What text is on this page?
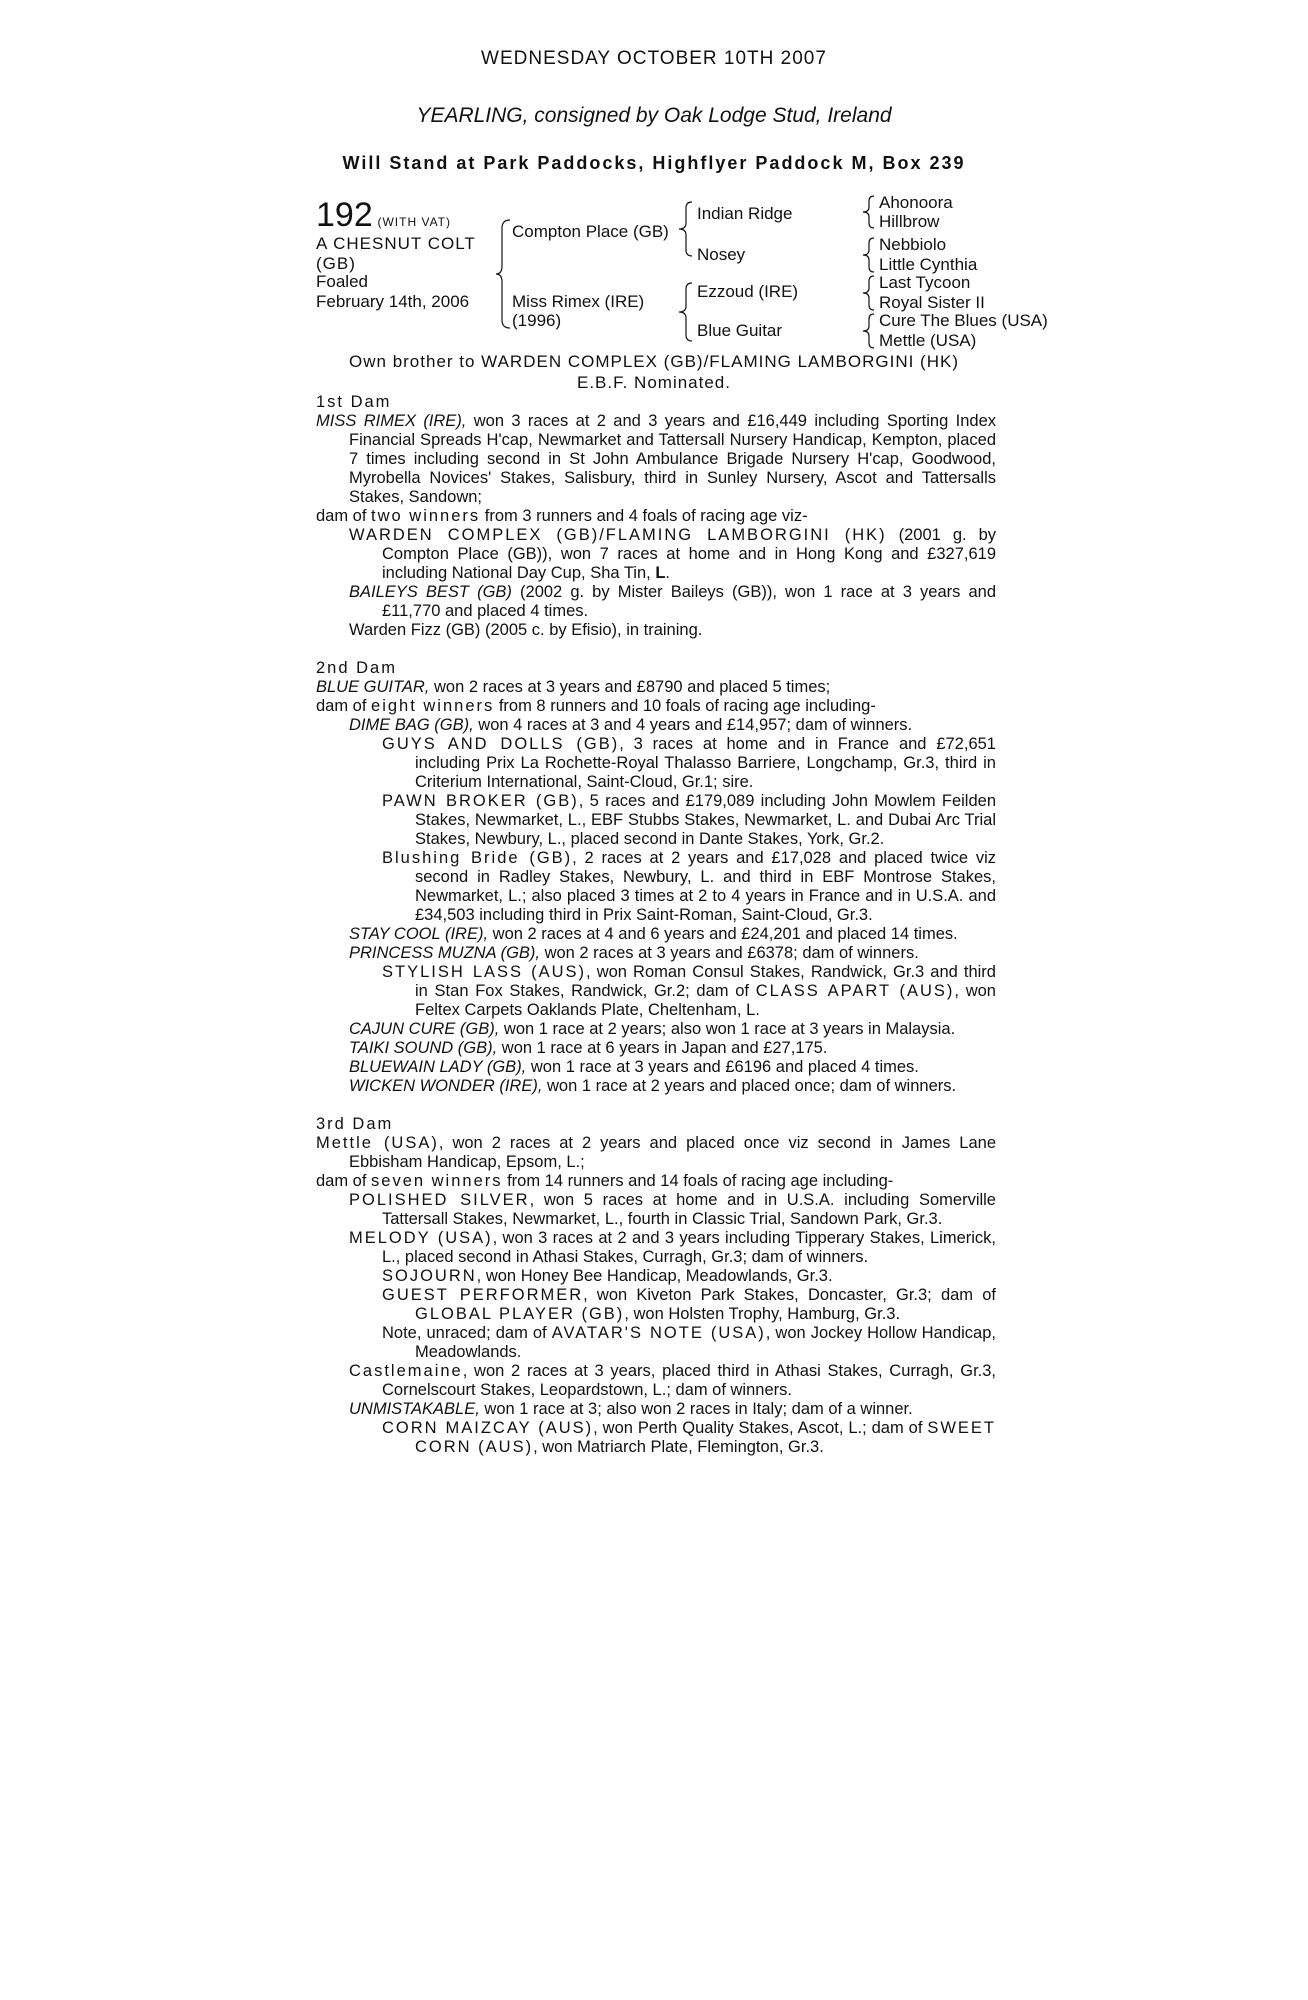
WEDNESDAY OCTOBER 10TH 2007
YEARLING, consigned by Oak Lodge Stud, Ireland
Will Stand at Park Paddocks, Highflyer Paddock M, Box 239
192 (WITH VAT)
A CHESNUT COLT
(GB)
Foaled
February 14th, 2006
Compton Place (GB)
Miss Rimex (IRE)
(1996)
Indian Ridge
Nosey
Ezzoud (IRE)
Blue Guitar
Ahonoora
Hillbrow
Nebbiolo
Little Cynthia
Last Tycoon
Royal Sister II
Cure The Blues (USA)
Mettle (USA)
Own brother to WARDEN COMPLEX (GB)/FLAMING LAMBORGINI (HK)
E.B.F. Nominated.

1st Dam

MISS RIMEX (IRE), won 3 races at 2 and 3 years and £16,449 including Sporting Index Financial Spreads H'cap, Newmarket and Tattersall Nursery Handicap, Kempton, placed 7 times including second in St John Ambulance Brigade Nursery H'cap, Goodwood, Myrobella Novices' Stakes, Salisbury, third in Sunley Nursery, Ascot and Tattersalls Stakes, Sandown;

dam of two winners from 3 runners and 4 foals of racing age viz-

WARDEN COMPLEX (GB)/FLAMING LAMBORGINI (HK) (2001 g. by Compton Place (GB)), won 7 races at home and in Hong Kong and £327,619 including National Day Cup, Sha Tin, L.

BAILEYS BEST (GB) (2002 g. by Mister Baileys (GB)), won 1 race at 3 years and £11,770 and placed 4 times.

Warden Fizz (GB) (2005 c. by Efisio), in training.

2nd Dam

BLUE GUITAR, won 2 races at 3 years and £8790 and placed 5 times;

dam of eight winners from 8 runners and 10 foals of racing age including-

DIME BAG (GB), won 4 races at 3 and 4 years and £14,957; dam of winners.

GUYS AND DOLLS (GB), 3 races at home and in France and £72,651 including Prix La Rochette-Royal Thalasso Barriere, Longchamp, Gr.3, third in Criterium International, Saint-Cloud, Gr.1; sire.

PAWN BROKER (GB), 5 races and £179,089 including John Mowlem Feilden Stakes, Newmarket, L., EBF Stubbs Stakes, Newmarket, L. and Dubai Arc Trial Stakes, Newbury, L., placed second in Dante Stakes, York, Gr.2.

Blushing Bride (GB), 2 races at 2 years and £17,028 and placed twice viz second in Radley Stakes, Newbury, L. and third in EBF Montrose Stakes, Newmarket, L.; also placed 3 times at 2 to 4 years in France and in U.S.A. and £34,503 including third in Prix Saint-Roman, Saint-Cloud, Gr.3.

STAY COOL (IRE), won 2 races at 4 and 6 years and £24,201 and placed 14 times.

PRINCESS MUZNA (GB), won 2 races at 3 years and £6378; dam of winners.

STYLISH LASS (AUS), won Roman Consul Stakes, Randwick, Gr.3 and third in Stan Fox Stakes, Randwick, Gr.2; dam of CLASS APART (AUS), won Feltex Carpets Oaklands Plate, Cheltenham, L.

CAJUN CURE (GB), won 1 race at 2 years; also won 1 race at 3 years in Malaysia.

TAIKI SOUND (GB), won 1 race at 6 years in Japan and £27,175.

BLUEWAIN LADY (GB), won 1 race at 3 years and £6196 and placed 4 times.

WICKEN WONDER (IRE), won 1 race at 2 years and placed once; dam of winners.

3rd Dam

Mettle (USA), won 2 races at 2 years and placed once viz second in James Lane Ebbisham Handicap, Epsom, L.;

dam of seven winners from 14 runners and 14 foals of racing age including-

POLISHED SILVER, won 5 races at home and in U.S.A. including Somerville Tattersall Stakes, Newmarket, L., fourth in Classic Trial, Sandown Park, Gr.3.

MELODY (USA), won 3 races at 2 and 3 years including Tipperary Stakes, Limerick, L., placed second in Athasi Stakes, Curragh, Gr.3; dam of winners.

SOJOURN, won Honey Bee Handicap, Meadowlands, Gr.3.

GUEST PERFORMER, won Kiveton Park Stakes, Doncaster, Gr.3; dam of GLOBAL PLAYER (GB), won Holsten Trophy, Hamburg, Gr.3.

Note, unraced; dam of AVATAR'S NOTE (USA), won Jockey Hollow Handicap, Meadowlands.

Castlemaine, won 2 races at 3 years, placed third in Athasi Stakes, Curragh, Gr.3, Cornelscourt Stakes, Leopardstown, L.; dam of winners.

UNMISTAKABLE, won 1 race at 3; also won 2 races in Italy; dam of a winner.

CORN MAIZCAY (AUS), won Perth Quality Stakes, Ascot, L.; dam of SWEET CORN (AUS), won Matriarch Plate, Flemington, Gr.3.
